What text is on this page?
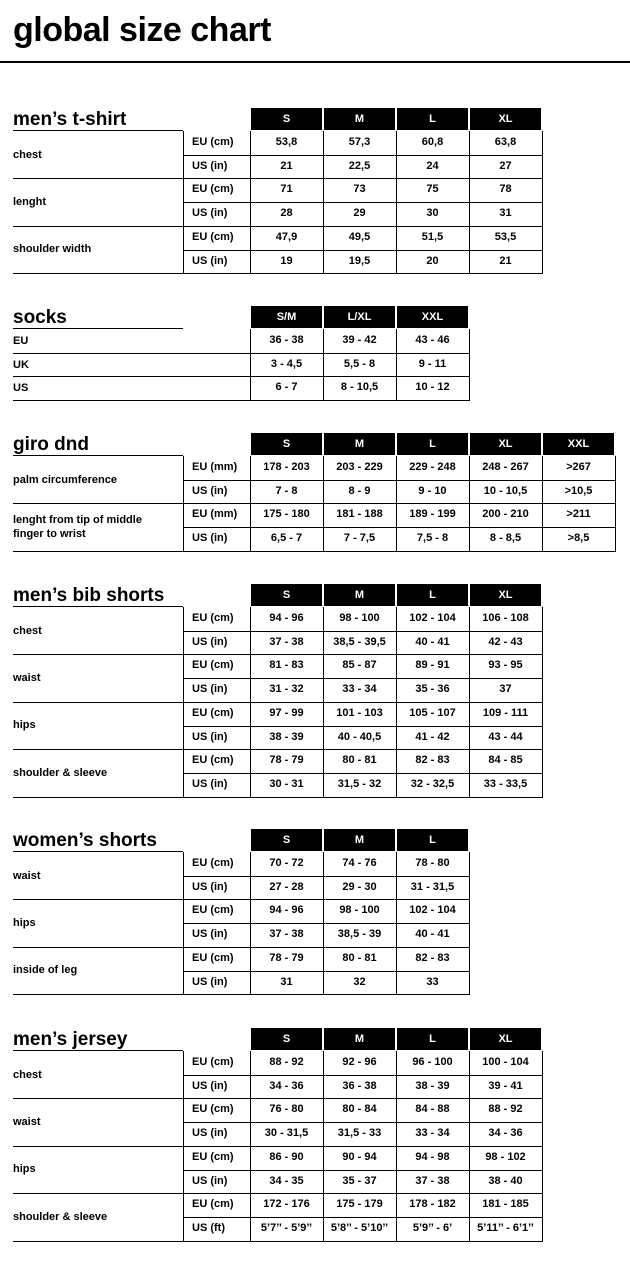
global size chart
men’s t-shirt	S	M	L	XL
chest
EU (cm)	53,8	57,3	60,8	63,8
US (in)	21	22,5	24	27
lenght
EU (cm)	71	73	75	78
US (in)	28	29	30	31
shoulder width
EU (cm)	47,9	49,5	51,5	53,5
US (in)	19	19,5	20	21
socks	S/M	L/XL	XXL
EU	36 - 38	39 - 42	43 - 46
UK	3 - 4,5	5,5 - 8	9 - 11
US	6 - 7	8 - 10,5	10 - 12
giro dnd	S	M	L	XL	XXL
palm circumference
EU (mm)	178 - 203	203 - 229	229 - 248	248 - 267	>267
US (in)	7 - 8	8 - 9	9 - 10	10 - 10,5	>10,5
lenght from tip of middle finger to wrist
EU (mm)	175 - 180	181 - 188	189 - 199	200 - 210	>211
US (in)	6,5 - 7	7 - 7,5	7,5 - 8	8 - 8,5	>8,5
men’s bib shorts	S	M	L	XL
chest
EU (cm)	94 - 96	98 - 100	102 - 104	106 - 108
US (in)	37 - 38	38,5 - 39,5	40 - 41	42 - 43
waist
EU (cm)	81 - 83	85 - 87	89 - 91	93 - 95
US (in)	31 - 32	33 - 34	35 - 36	37
hips
EU (cm)	97 - 99	101 - 103	105 - 107	109 - 111
US (in)	38 - 39	40 - 40,5	41 - 42	43 - 44
shoulder & sleeve
EU (cm)	78 - 79	80 - 81	82 - 83	84 - 85
US (in)	30 - 31	31,5 - 32	32 - 32,5	33 - 33,5
women’s shorts	S	M	L
waist
EU (cm)	70 - 72	74 - 76	78 - 80
US (in)	27 - 28	29 - 30	31 - 31,5
hips
EU (cm)	94 - 96	98 - 100	102 - 104
US (in)	37 - 38	38,5 - 39	40 - 41
inside of leg
EU (cm)	78 - 79	80 - 81	82 - 83
US (in)	31	32	33
men’s jersey	S	M	L	XL
chest
EU (cm)	88 - 92	92 - 96	96 - 100	100 - 104
US (in)	34 - 36	36 - 38	38 - 39	39 - 41
waist
EU (cm)	76 - 80	80 - 84	84 - 88	88 - 92
US (in)	30 - 31,5	31,5 - 33	33 - 34	34 - 36
hips
EU (cm)	86 - 90	90 - 94	94 - 98	98 - 102
US (in)	34 - 35	35 - 37	37 - 38	38 - 40
shoulder & sleeve
EU (cm)	172 - 176	175 - 179	178 - 182	181 - 185
US (ft)	5’7’’ - 5’9’’	5’8’’ - 5’10’’	5’9’’ - 6’	5’11’’ - 6’1’’
